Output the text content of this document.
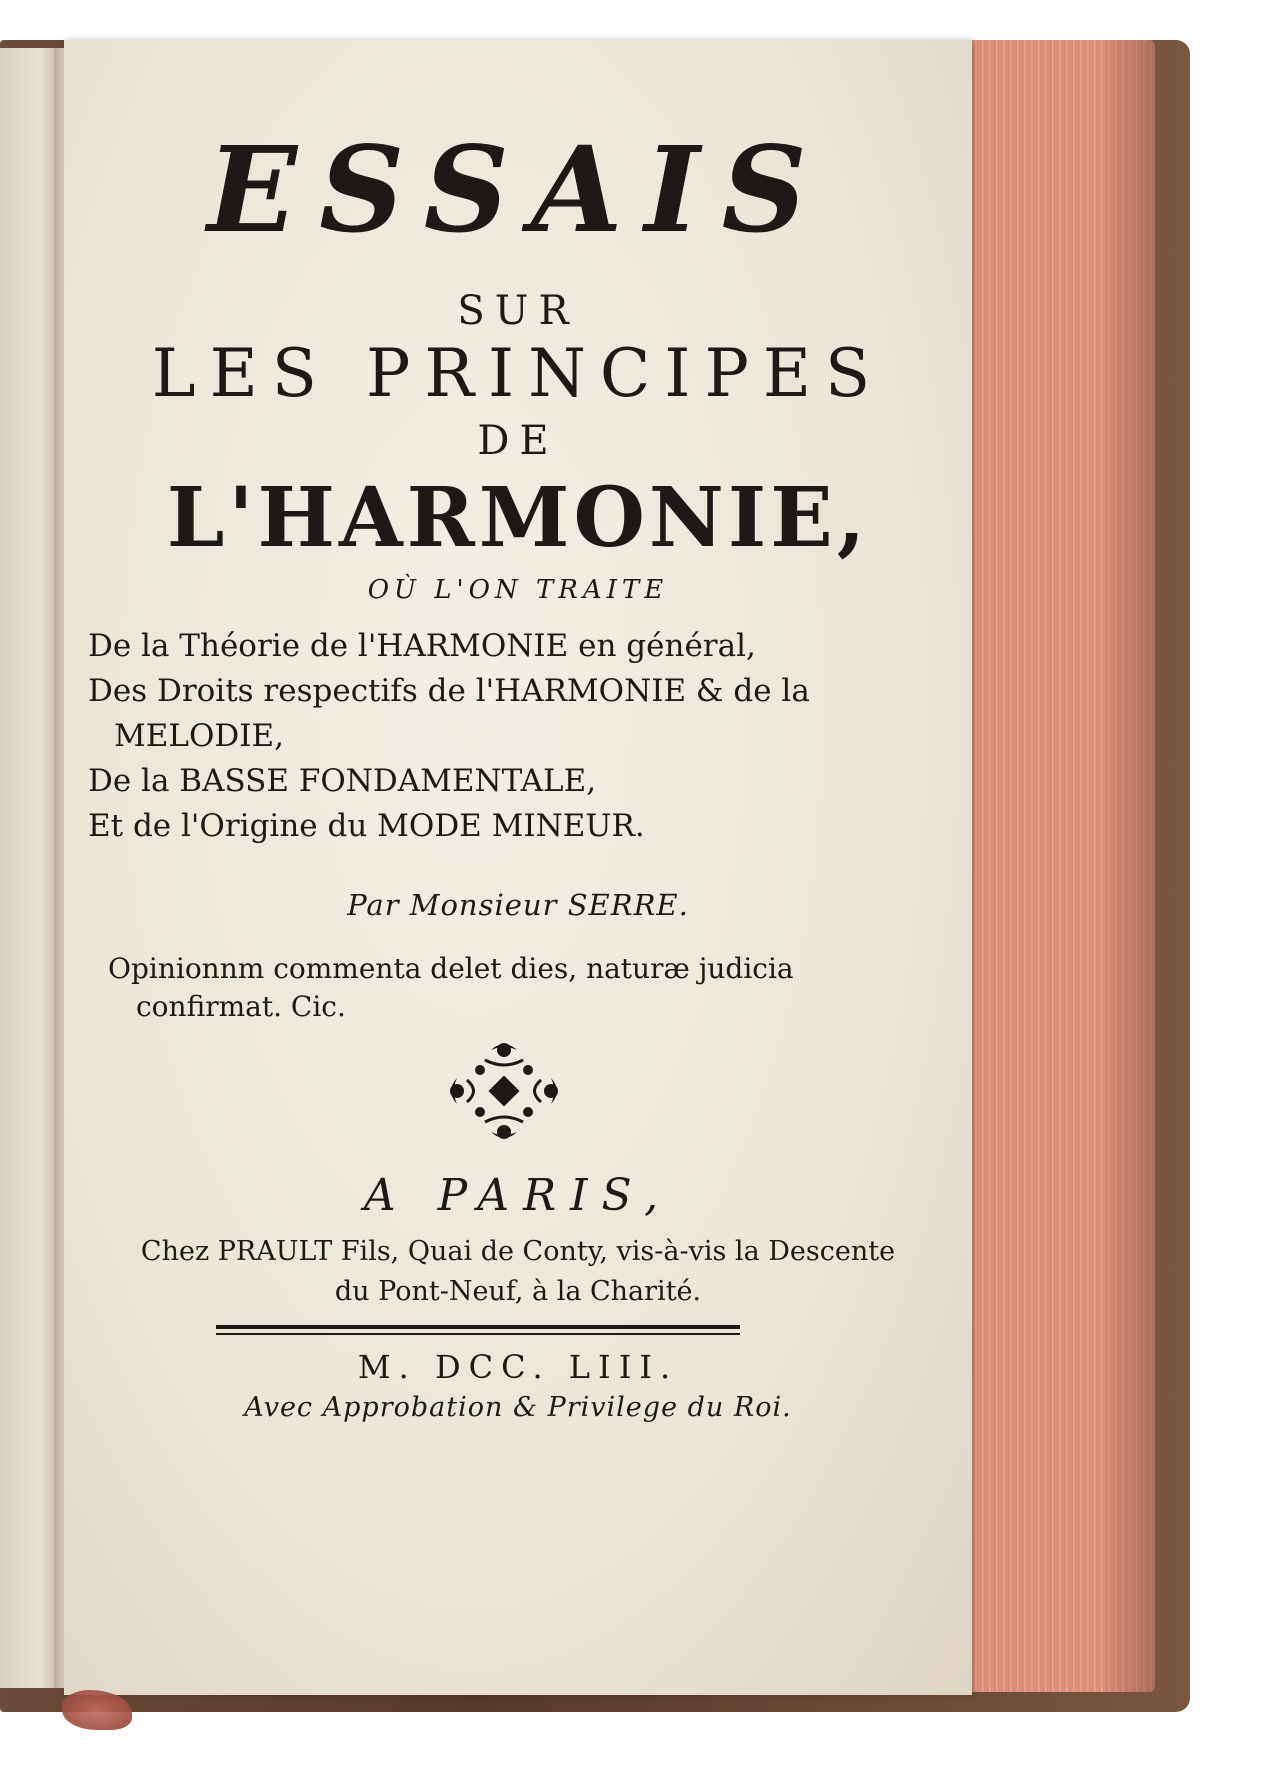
ESSAIS
SUR
LES PRINCIPES
DE
L'HARMONIE,
OÙ L'ON TRAITE
De la Théorie de l'HARMONIE en général,
Des Droits respectifs de l'HARMONIE & de la
MELODIE,
De la BASSE FONDAMENTALE,
Et de l'Origine du MODE MINEUR.
Par Monsieur SERRE.
Opinionnm commenta delet dies, naturæ judicia
confirmat. Cic.
A PARIS,
Chez PRAULT Fils, Quai de Conty, vis-à-vis la Descente
du Pont-Neuf, à la Charité.
M. DCC. LIII.
Avec Approbation & Privilege du Roi.
